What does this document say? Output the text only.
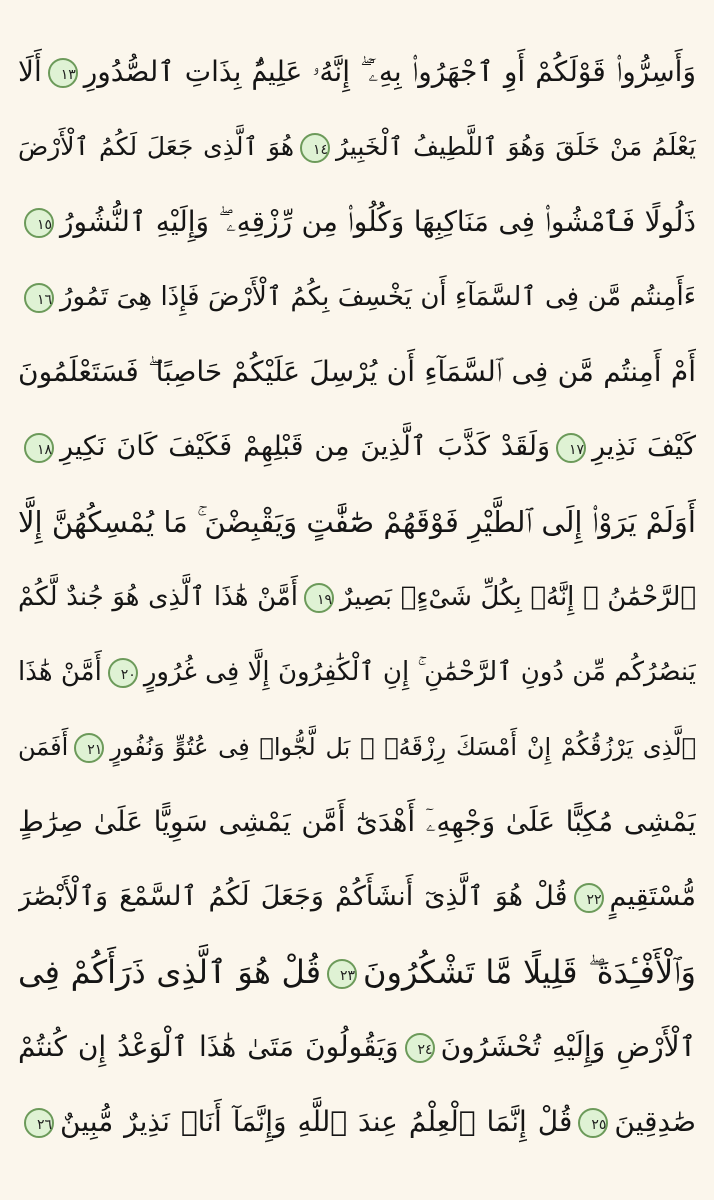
وَأَسِرُّوا۟ قَوْلَكُمْ أَوِ ٱجْهَرُوا۟ بِهِۦٓ ۖ إِنَّهُۥ عَلِيمٌۢ بِذَاتِ ٱلصُّدُورِ١٣أَلَا
يَعْلَمُ مَنْ خَلَقَ وَهُوَ ٱللَّطِيفُ ٱلْخَبِيرُ١٤هُوَ ٱلَّذِى جَعَلَ لَكُمُ ٱلْأَرْضَ
ذَلُولًا فَٱمْشُوا۟ فِى مَنَاكِبِهَا وَكُلُوا۟ مِن رِّزْقِهِۦ ۖ وَإِلَيْهِ ٱلنُّشُورُ١٥
ءَأَمِنتُم مَّن فِى ٱلسَّمَآءِ أَن يَخْسِفَ بِكُمُ ٱلْأَرْضَ فَإِذَا هِىَ تَمُورُ١٦
أَمْ أَمِنتُم مَّن فِى ٱلسَّمَآءِ أَن يُرْسِلَ عَلَيْكُمْ حَاصِبًا ۖ فَسَتَعْلَمُونَ
كَيْفَ نَذِيرِ١٧وَلَقَدْ كَذَّبَ ٱلَّذِينَ مِن قَبْلِهِمْ فَكَيْفَ كَانَ نَكِيرِ١٨
أَوَلَمْ يَرَوْا۟ إِلَى ٱلطَّيْرِ فَوْقَهُمْ صَٰٓفَّٰتٍ وَيَقْبِضْنَ ۚ مَا يُمْسِكُهُنَّ إِلَّا
ٱلرَّحْمَٰنُ ۚ إِنَّهُۥ بِكُلِّ شَىْءٍۭ بَصِيرٌ١٩أَمَّنْ هَٰذَا ٱلَّذِى هُوَ جُندٌ لَّكُمْ
يَنصُرُكُم مِّن دُونِ ٱلرَّحْمَٰنِ ۚ إِنِ ٱلْكَٰفِرُونَ إِلَّا فِى غُرُورٍ٢٠أَمَّنْ هَٰذَا
ٱلَّذِى يَرْزُقُكُمْ إِنْ أَمْسَكَ رِزْقَهُۥ ۚ بَل لَّجُّوا۟ فِى عُتُوٍّ وَنُفُورٍ٢١أَفَمَن
يَمْشِى مُكِبًّا عَلَىٰ وَجْهِهِۦٓ أَهْدَىٰٓ أَمَّن يَمْشِى سَوِيًّا عَلَىٰ صِرَٰطٍ
مُّسْتَقِيمٍ٢٢قُلْ هُوَ ٱلَّذِىٓ أَنشَأَكُمْ وَجَعَلَ لَكُمُ ٱلسَّمْعَ وَٱلْأَبْصَٰرَ
وَٱلْأَفْـِٔدَةَ ۖ قَلِيلًا مَّا تَشْكُرُونَ٢٣قُلْ هُوَ ٱلَّذِى ذَرَأَكُمْ فِى
ٱلْأَرْضِ وَإِلَيْهِ تُحْشَرُونَ٢٤وَيَقُولُونَ مَتَىٰ هَٰذَا ٱلْوَعْدُ إِن كُنتُمْ
صَٰدِقِينَ٢٥قُلْ إِنَّمَا ٱلْعِلْمُ عِندَ ٱللَّهِ وَإِنَّمَآ أَنَا۠ نَذِيرٌ مُّبِينٌ٢٦
